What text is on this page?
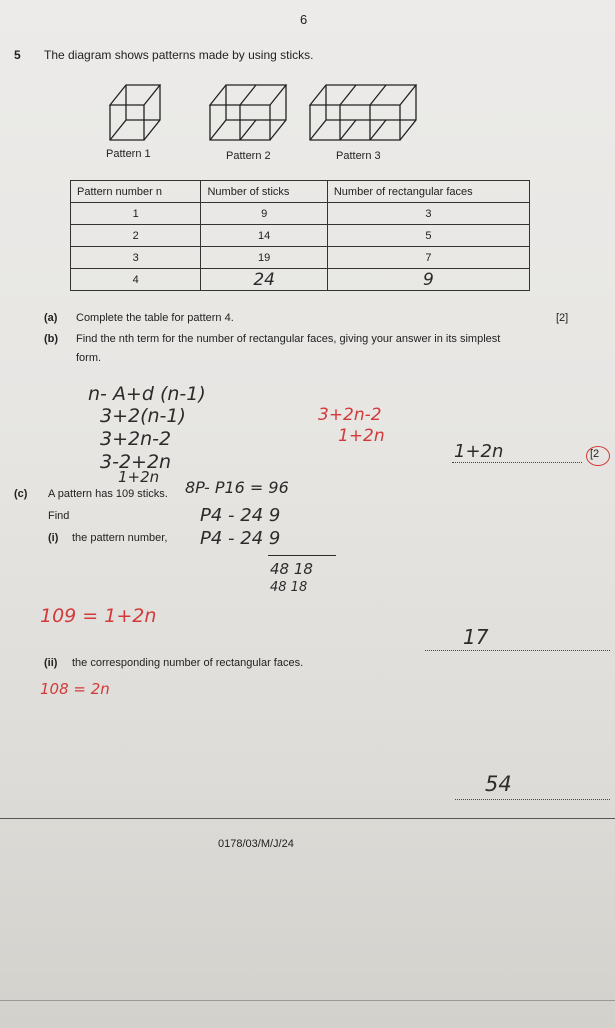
6
5 The diagram shows patterns made by using sticks.
Pattern 1	Pattern 2	Pattern 3
Pattern number n	Number of sticks	Number of rectangular faces
1	9	3
2	14	5
3	19	7
4	24	9
(a) Complete the table for pattern 4.	[2]
(b) Find the nth term for the number of rectangular faces, giving your answer in its simplest
form.
n- A+d (n-1)
3+2(n-1)
3+2n-2
3-2+2n
1+2n
3+2n-2
1+2n
1+2n	[2
(c) A pattern has 109 sticks.
Find
(i) the pattern number,
8P- P16 = 96
P4 - 24 9
P4 - 24 9
48 18
48 18
109 = 1+2n
17
(ii) the corresponding number of rectangular faces.
108 = 2n
54
0178/03/M/J/24
